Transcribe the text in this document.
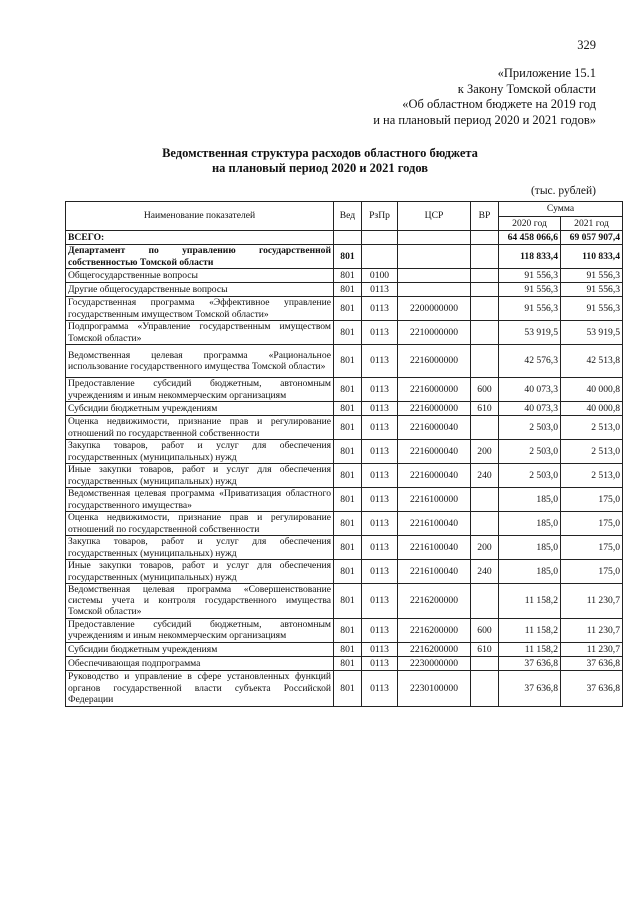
329
«Приложение 15.1
к Закону Томской области
«Об областном бюджете на 2019 год
и на плановый период 2020 и 2021 годов»
Ведомственная структура расходов областного бюджета
на плановый период 2020 и 2021 годов
(тыс. рублей)
Наименование показателей	Вед	РзПр	ЦСР	ВР	Сумма	
					2020 год	2021 год
ВСЕГО:					64 458 066,6	69 057 907,4
Департамент по управлению государственной собственностью Томской области	801				118 833,4	110 833,4
Общегосударственные вопросы	801	0100			91 556,3	91 556,3
Другие общегосударственные вопросы	801	0113			91 556,3	91 556,3
Государственная программа «Эффективное управление государственным имуществом Томской области»	801	0113	2200000000		91 556,3	91 556,3
Подпрограмма «Управление государственным имуществом Томской области»	801	0113	2210000000		53 919,5	53 919,5
Ведомственная целевая программа «Рациональное использование государственного имущества Томской области»	801	0113	2216000000		42 576,3	42 513,8
Предоставление субсидий бюджетным, автономным учреждениям и иным некоммерческим организациям	801	0113	2216000000	600	40 073,3	40 000,8
Субсидии бюджетным учреждениям	801	0113	2216000000	610	40 073,3	40 000,8
Оценка недвижимости, признание прав и регулирование отношений по государственной собственности	801	0113	2216000040		2 503,0	2 513,0
Закупка товаров, работ и услуг для обеспечения государственных (муниципальных) нужд	801	0113	2216000040	200	2 503,0	2 513,0
Иные закупки товаров, работ и услуг для обеспечения государственных (муниципальных) нужд	801	0113	2216000040	240	2 503,0	2 513,0
Ведомственная целевая программа «Приватизация областного государственного имущества»	801	0113	2216100000		185,0	175,0
Оценка недвижимости, признание прав и регулирование отношений по государственной собственности	801	0113	2216100040		185,0	175,0
Закупка товаров, работ и услуг для обеспечения государственных (муниципальных) нужд	801	0113	2216100040	200	185,0	175,0
Иные закупки товаров, работ и услуг для обеспечения государственных (муниципальных) нужд	801	0113	2216100040	240	185,0	175,0
Ведомственная целевая программа «Совершенствование системы учета и контроля государственного имущества Томской области»	801	0113	2216200000		11 158,2	11 230,7
Предоставление субсидий бюджетным, автономным учреждениям и иным некоммерческим организациям	801	0113	2216200000	600	11 158,2	11 230,7
Субсидии бюджетным учреждениям	801	0113	2216200000	610	11 158,2	11 230,7
Обеспечивающая подпрограмма	801	0113	2230000000		37 636,8	37 636,8
Руководство и управление в сфере установленных функций органов государственной власти субъекта Российской Федерации	801	0113	2230100000		37 636,8	37 636,8
